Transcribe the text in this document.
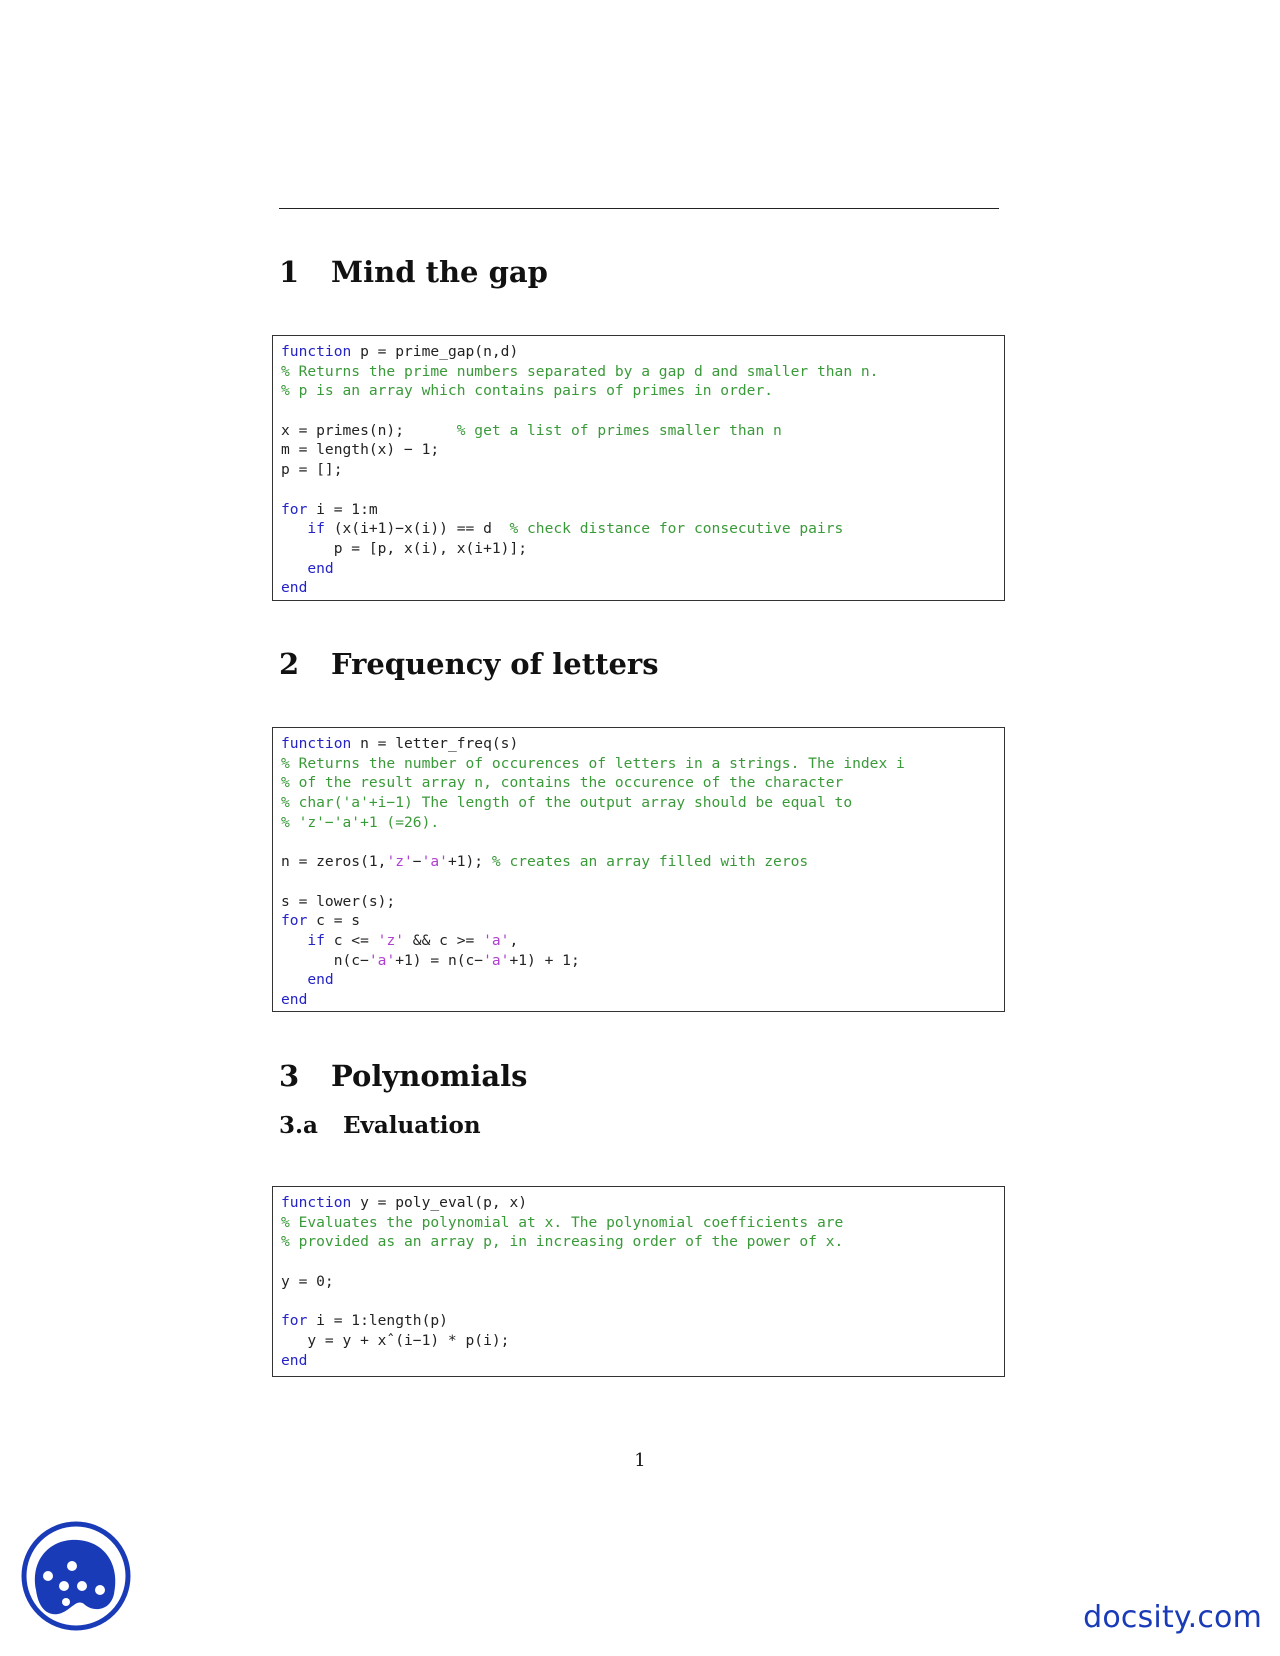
1 Mind the gap
function p = prime_gap(n,d)
% Returns the prime numbers separated by a gap d and smaller than n.
% p is an array which contains pairs of primes in order.
x = primes(n);      % get a list of primes smaller than n
m = length(x) − 1;
p = [];
for i = 1:m
if (x(i+1)−x(i)) == d  % check distance for consecutive pairs
p = [p, x(i), x(i+1)];
end
end
2 Frequency of letters
function n = letter_freq(s)
% Returns the number of occurences of letters in a strings. The index i
% of the result array n, contains the occurence of the character
% char('a'+i−1) The length of the output array should be equal to
% 'z'−'a'+1 (=26).
n = zeros(1,'z'−'a'+1); % creates an array filled with zeros
s = lower(s);
for c = s
if c <= 'z' && c >= 'a',
n(c−'a'+1) = n(c−'a'+1) + 1;
end
end
3 Polynomials
3.a Evaluation
function y = poly_eval(p, x)
% Evaluates the polynomial at x. The polynomial coefficients are
% provided as an array p, in increasing order of the power of x.
y = 0;
for i = 1:length(p)
y = y + xˆ(i−1) * p(i);
end
1
docsity.com
